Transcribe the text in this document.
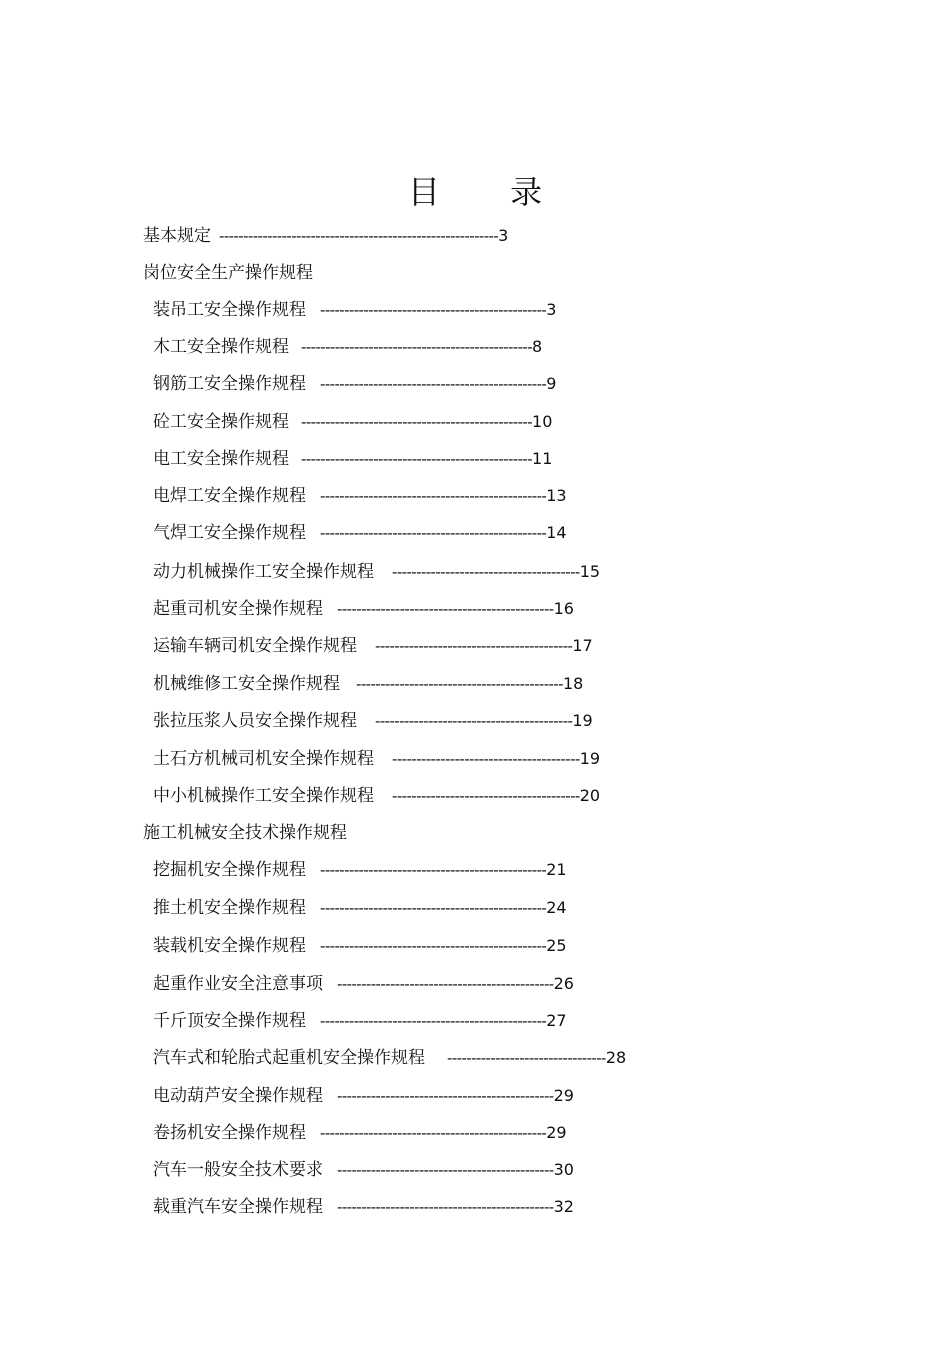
目 录
基本规定 ----------------------------------------------------------3
岗位安全生产操作规程
装吊工安全操作规程 -----------------------------------------------3
木工安全操作规程 ------------------------------------------------8
钢筋工安全操作规程 -----------------------------------------------9
砼工安全操作规程 ------------------------------------------------10
电工安全操作规程 ------------------------------------------------11
电焊工安全操作规程 -----------------------------------------------13
气焊工安全操作规程 -----------------------------------------------14
动力机械操作工安全操作规程 ---------------------------------------15
起重司机安全操作规程 ---------------------------------------------16
运输车辆司机安全操作规程 -----------------------------------------17
机械维修工安全操作规程 -------------------------------------------18
张拉压浆人员安全操作规程 -----------------------------------------19
土石方机械司机安全操作规程 ---------------------------------------19
中小机械操作工安全操作规程 ---------------------------------------20
施工机械安全技术操作规程
挖掘机安全操作规程 -----------------------------------------------21
推土机安全操作规程 -----------------------------------------------24
装载机安全操作规程 -----------------------------------------------25
起重作业安全注意事项 ---------------------------------------------26
千斤顶安全操作规程 -----------------------------------------------27
汽车式和轮胎式起重机安全操作规程 ---------------------------------28
电动葫芦安全操作规程 ---------------------------------------------29
卷扬机安全操作规程 -----------------------------------------------29
汽车一般安全技术要求 ---------------------------------------------30
载重汽车安全操作规程 ---------------------------------------------32
